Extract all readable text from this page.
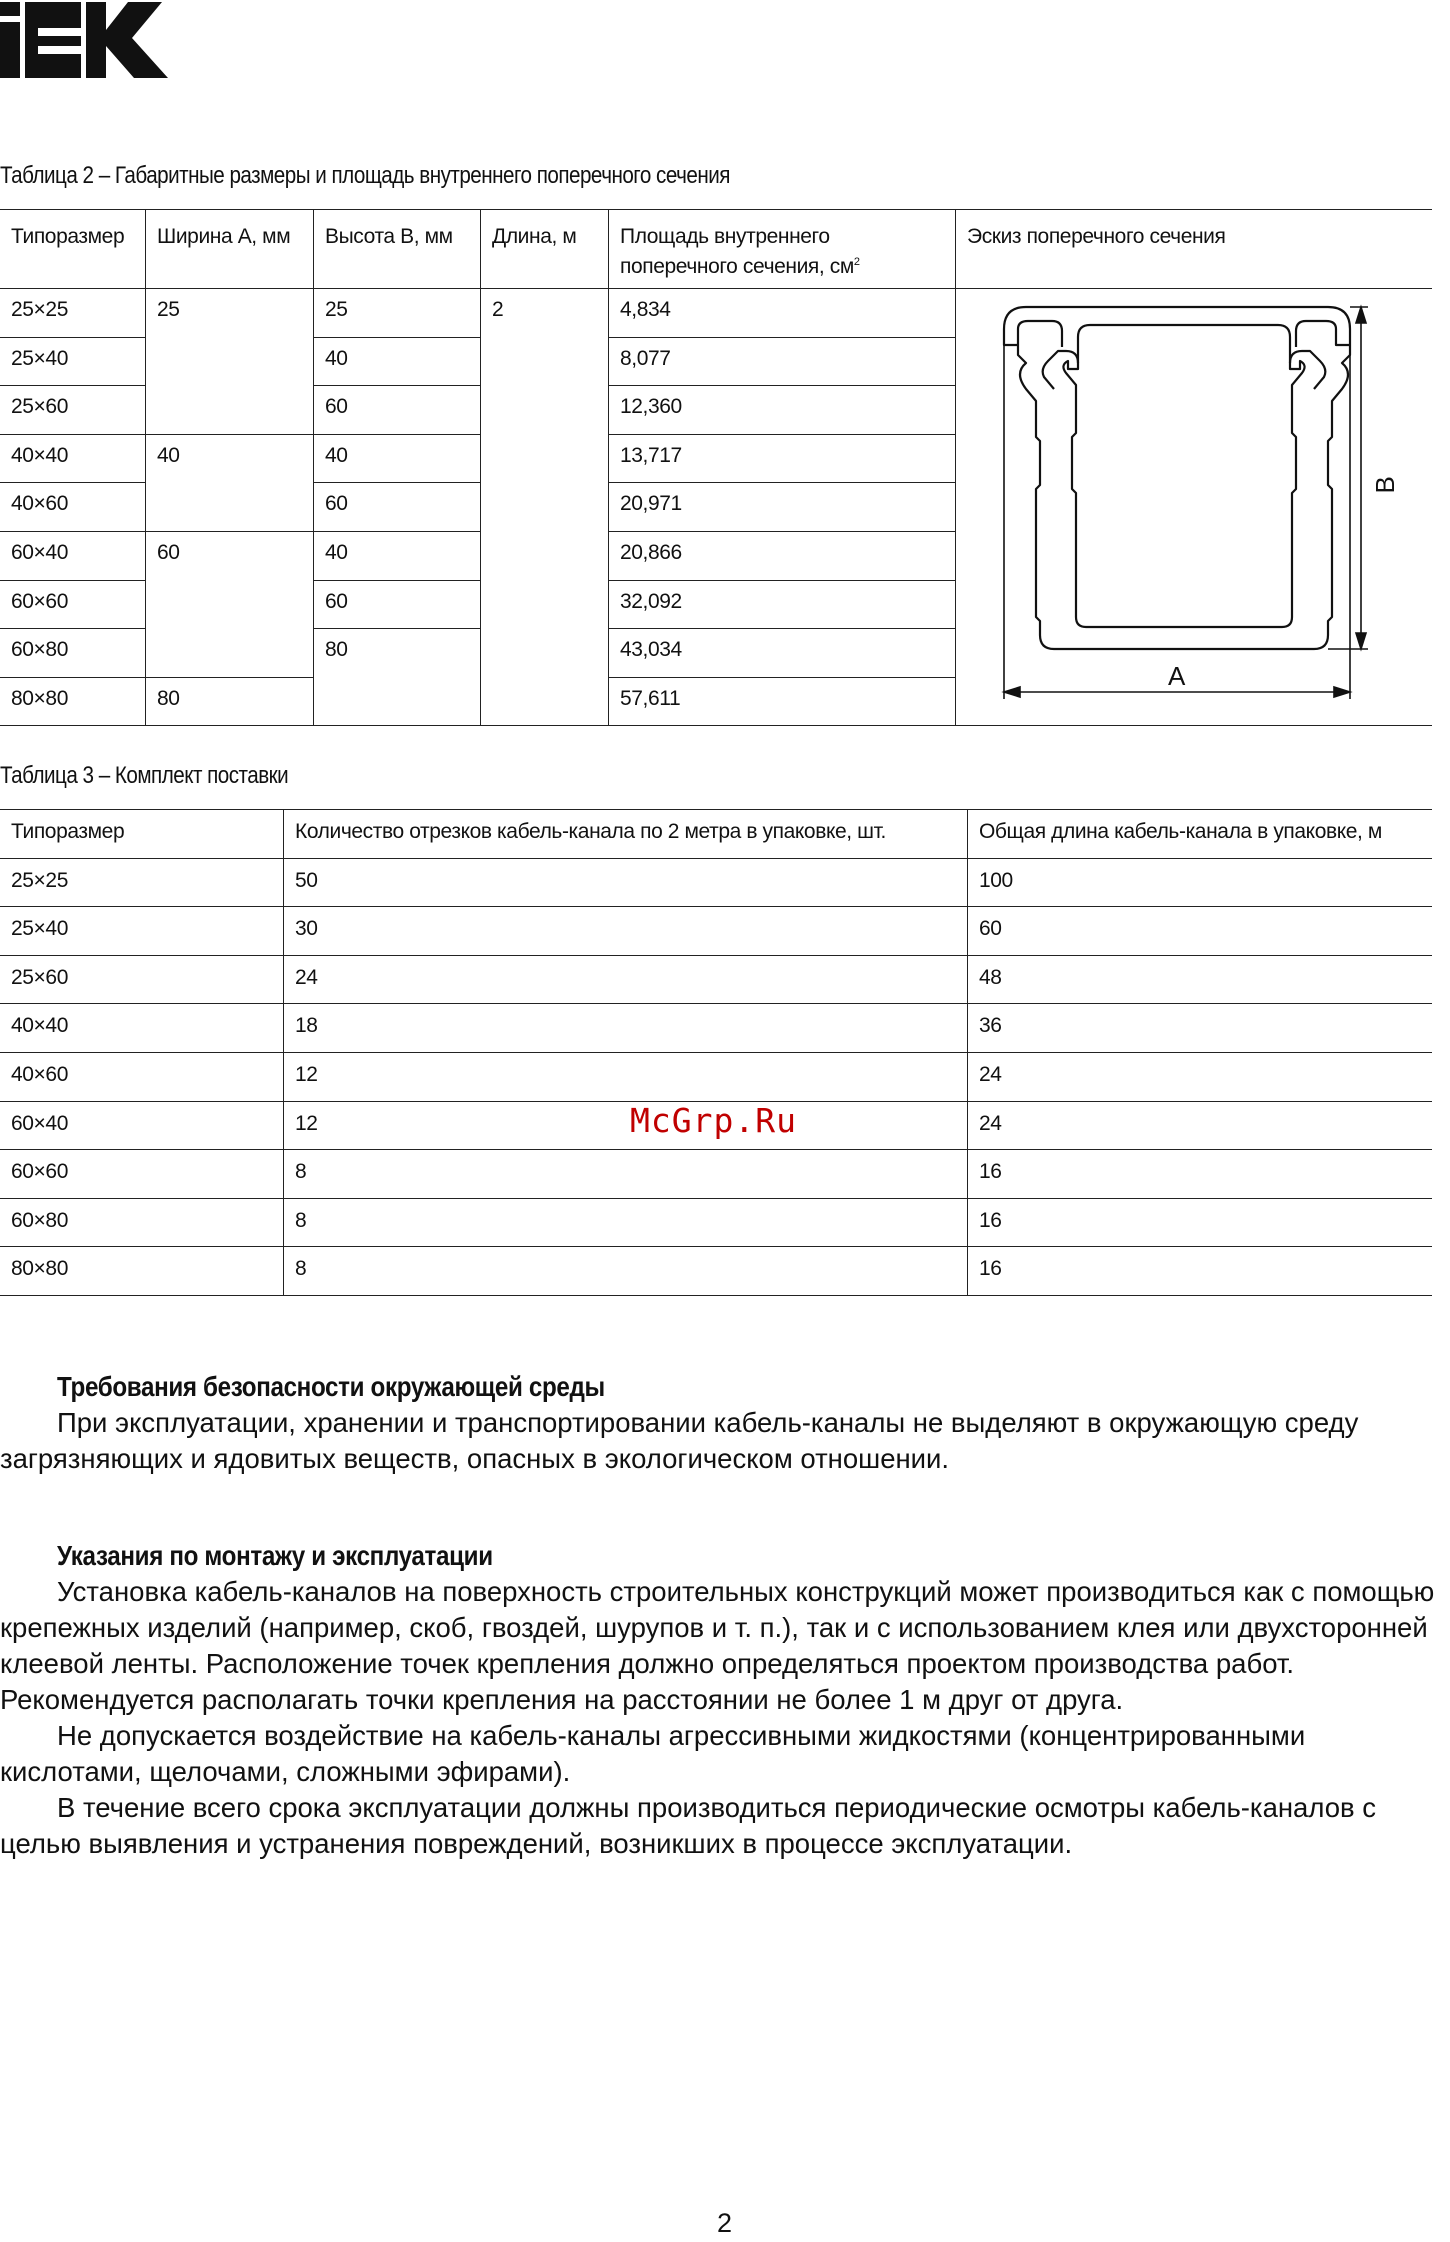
Таблица 2 – Габаритные размеры и площадь внутреннего поперечного сечения
Типоразмер	Ширина А, мм	Высота В, мм	Длина, м	Площадь внутреннего
поперечного сечения, $см^2$	Эскиз поперечного сечения
25×25	25	25	2	4,834	A
B

25×40		40		8,077	
25×60		60		12,360	
40×40	40	40		13,717	
40×60		60		20,971	
60×40	60	40		20,866	
60×60		60		32,092	
60×80		80		43,034	
80×80	80			57,611	
Таблица 3 – Комплект поставки
Типоразмер	Количество отрезков кабель-канала по 2 метра в упаковке, шт.	Общая длина кабель-канала в упаковке, м
25×25	50	100
25×40	30	60
25×60	24	48
40×40	18	36
40×60	12	24
60×40	12	24
60×60	8	16
60×80	8	16
80×80	8	16
McGrp.Ru
Требования безопасности окружающей среды

При эксплуатации, хранении и транспортировании кабель-каналы не выделяют в окружающую среду загрязняющих и ядовитых веществ, опасных в экологическом отношении.

Указания по монтажу и эксплуатации

Установка кабель-каналов на поверхность строительных конструкций может производиться как с помощью крепежных изделий (например, скоб, гвоздей, шурупов и т. п.), так и с использованием клея или двухсторонней клеевой ленты. Расположение точек крепления должно определяться проектом производства работ. Рекомендуется располагать точки крепления на расстоянии не более 1 м друг от друга.

Не допускается воздействие на кабель-каналы агрессивными жидкостями (концентрированными кислотами, щелочами, сложными эфирами).

В течение всего срока эксплуатации должны производиться периодические осмотры кабель-каналов с целью выявления и устранения повреждений, возникших в процессе эксплуатации.

2
